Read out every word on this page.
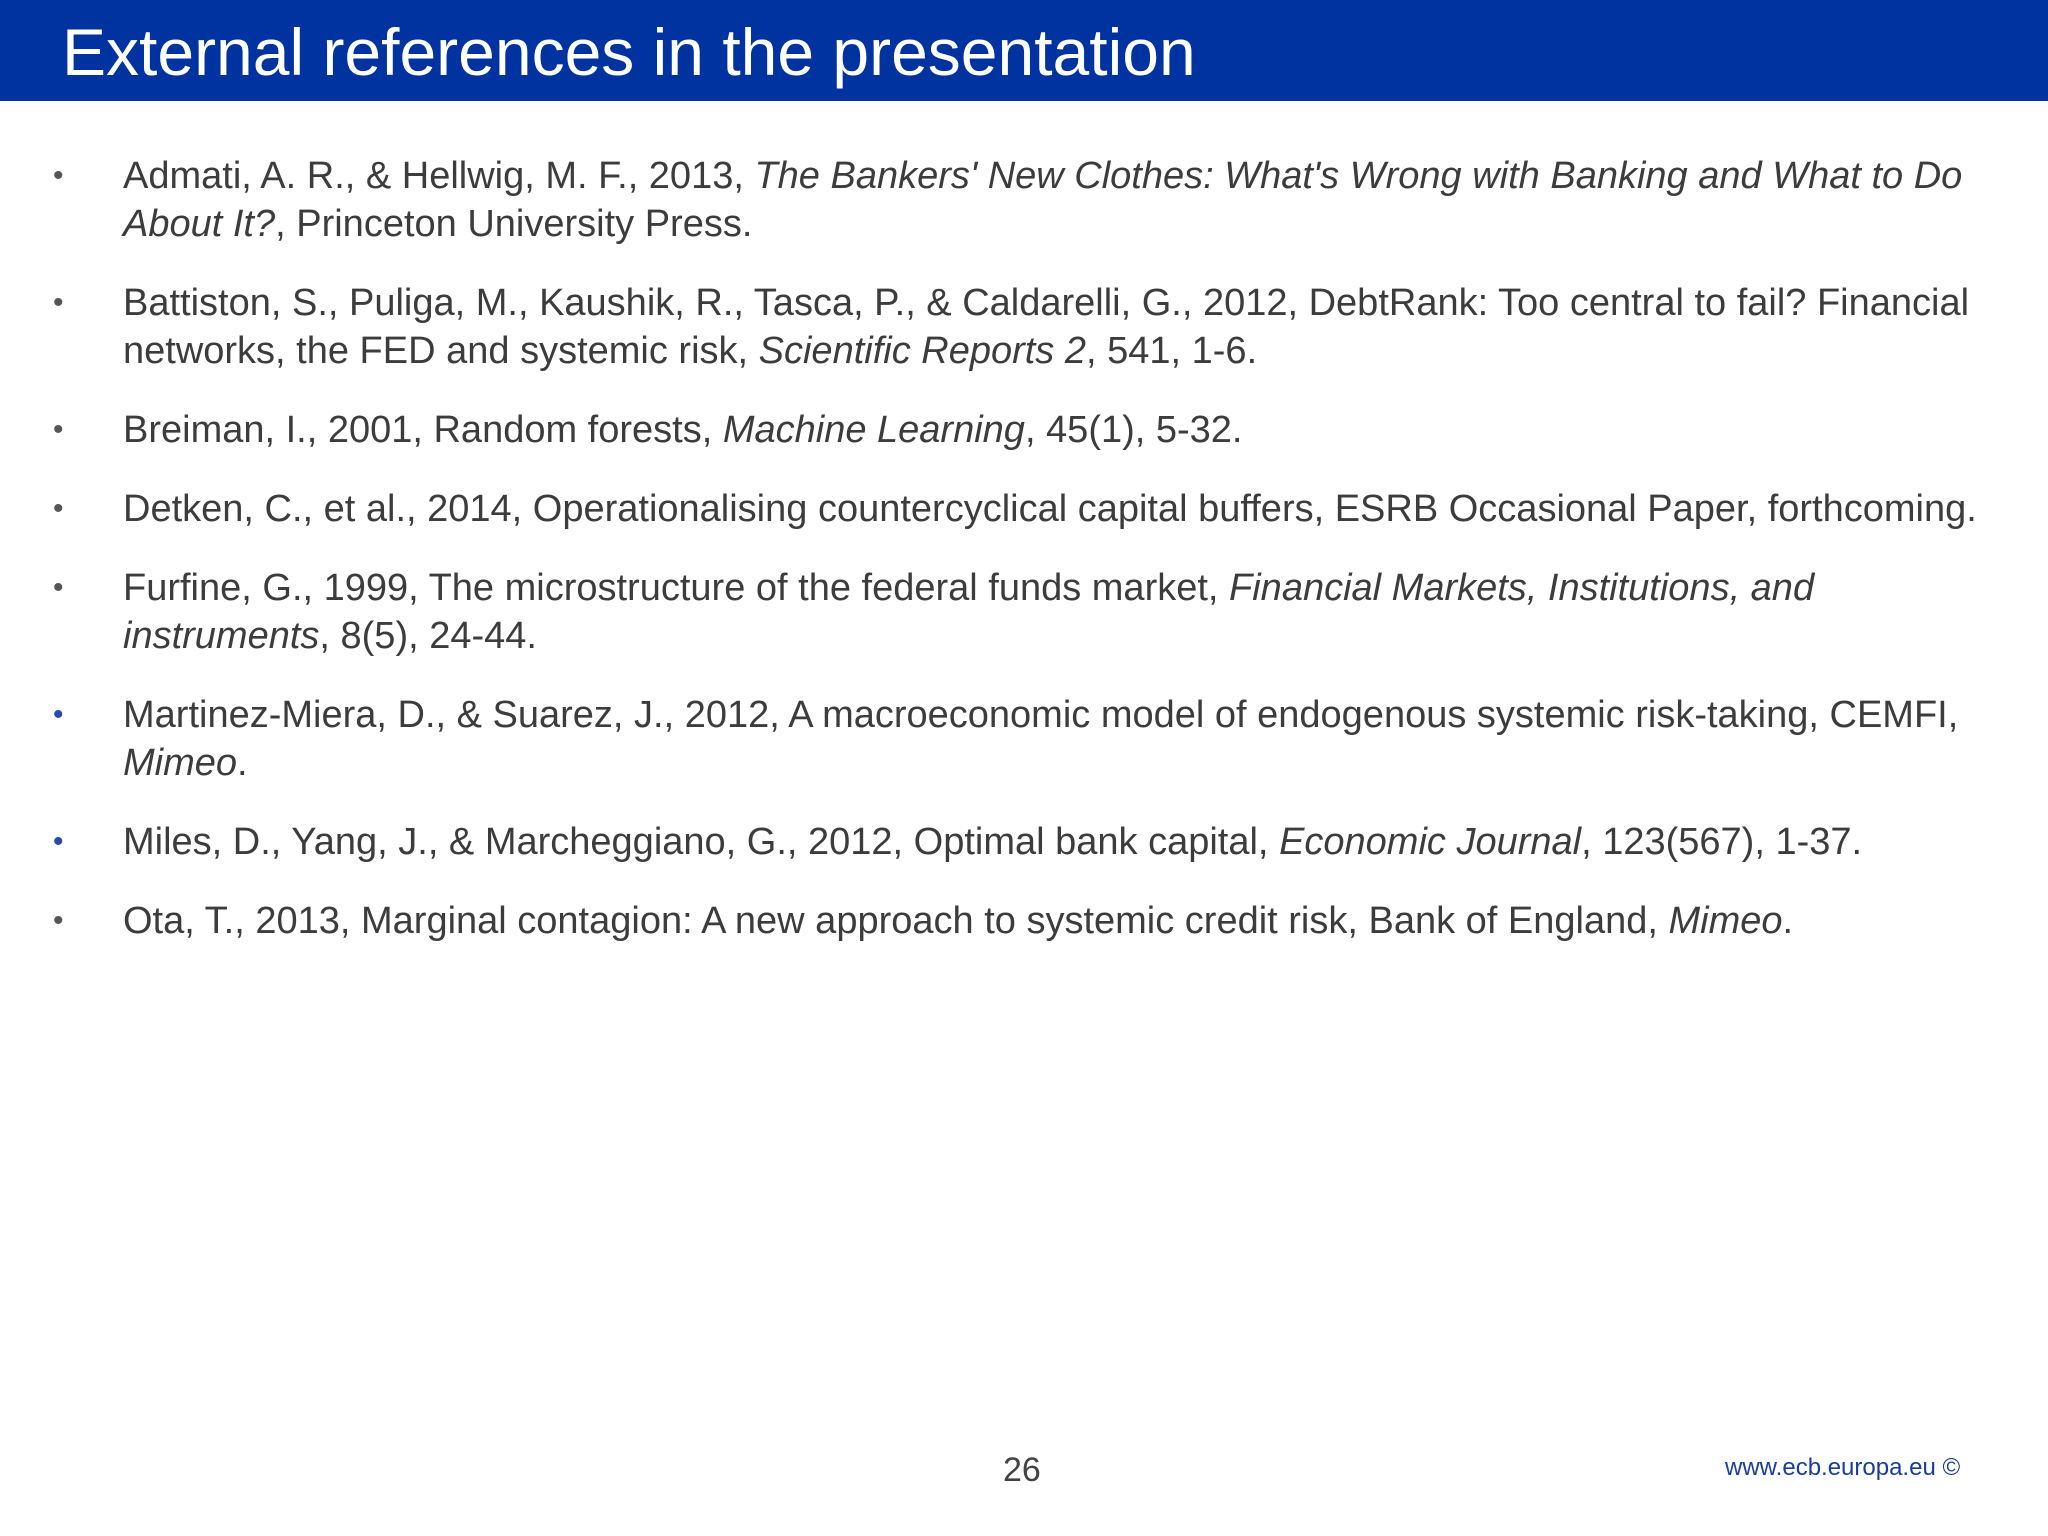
External references in the presentation
• Admati, A. R., & Hellwig, M. F., 2013, The Bankers' New Clothes: What's Wrong with Banking and What to Do About It?, Princeton University Press.
• Battiston, S., Puliga, M., Kaushik, R., Tasca, P., & Caldarelli, G., 2012, DebtRank: Too central to fail? Financial networks, the FED and systemic risk, Scientific Reports 2, 541, 1-6.
• Breiman, I., 2001, Random forests, Machine Learning, 45(1), 5-32.
• Detken, C., et al., 2014, Operationalising countercyclical capital buffers, ESRB Occasional Paper, forthcoming.
• Furfine, G., 1999, The microstructure of the federal funds market, Financial Markets, Institutions, and instruments, 8(5), 24-44.
• Martinez-Miera, D., & Suarez, J., 2012, A macroeconomic model of endogenous systemic risk-taking, CEMFI, Mimeo.
• Miles, D., Yang, J., & Marcheggiano, G., 2012, Optimal bank capital, Economic Journal, 123(567), 1-37.
• Ota, T., 2013, Marginal contagion: A new approach to systemic credit risk, Bank of England, Mimeo.
26	www.ecb.europa.eu ©
